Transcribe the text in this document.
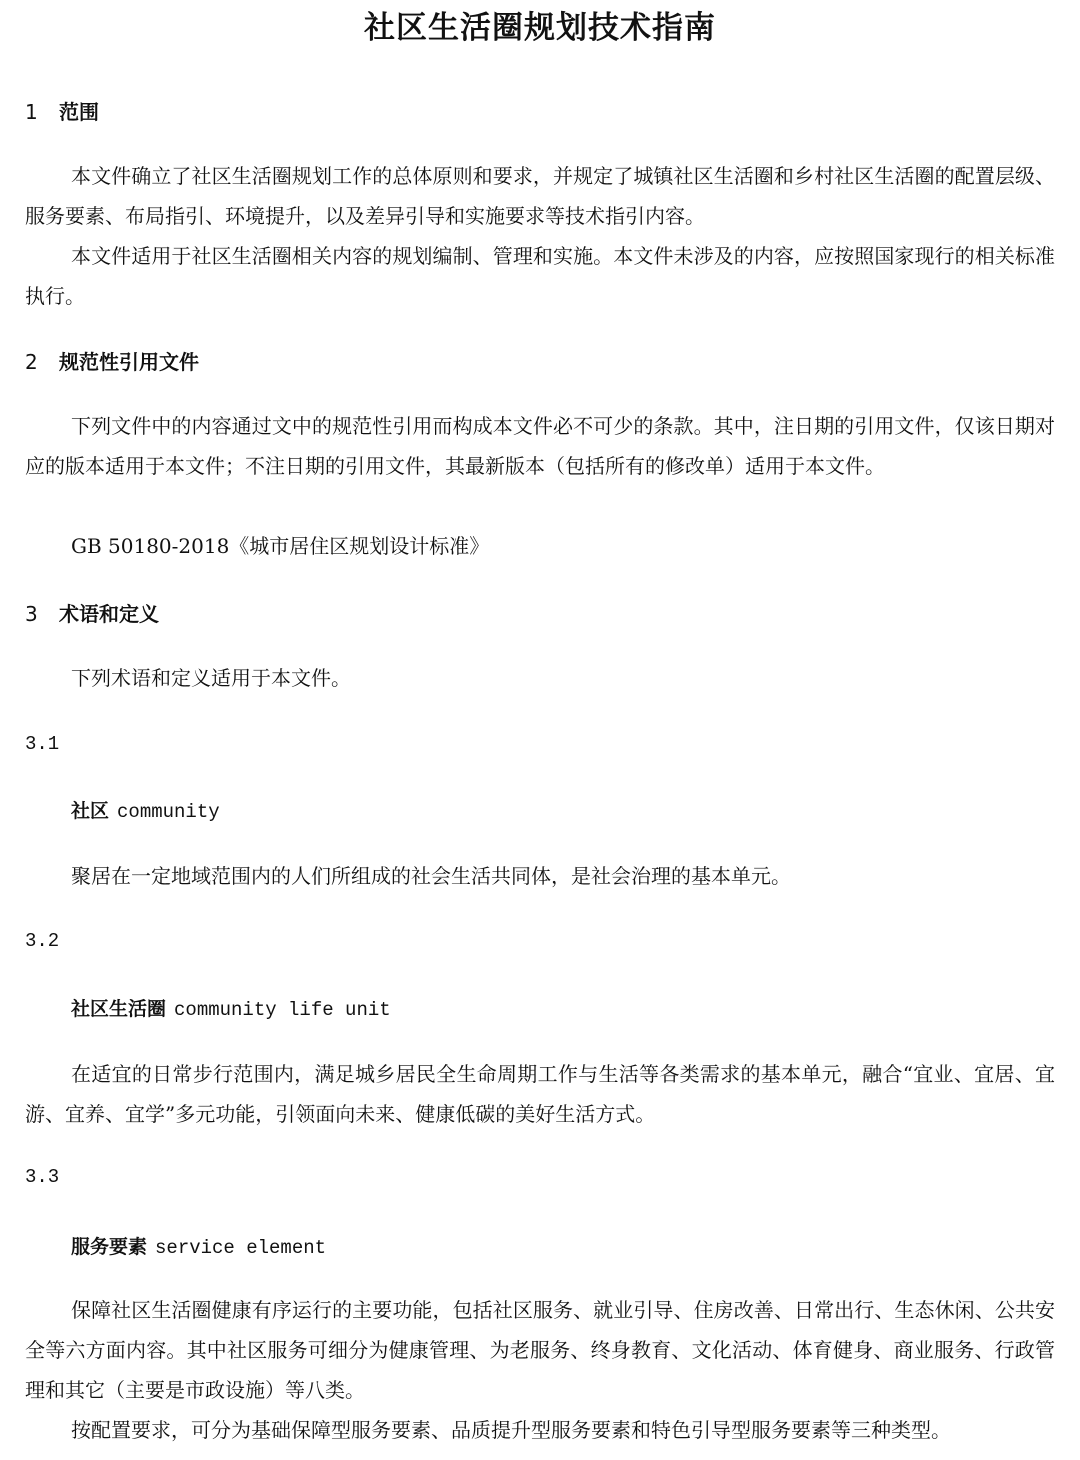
社区生活圈规划技术指南
1 范围

本文件确立了社区生活圈规划工作的总体原则和要求，并规定了城镇社区生活圈和乡村社区生活圈的配置层级、服务要素、布局指引、环境提升，以及差异引导和实施要求等技术指引内容。

本文件适用于社区生活圈相关内容的规划编制、管理和实施。本文件未涉及的内容，应按照国家现行的相关标准执行。

2 规范性引用文件

下列文件中的内容通过文中的规范性引用而构成本文件必不可少的条款。其中，注日期的引用文件，仅该日期对应的版本适用于本文件；不注日期的引用文件，其最新版本（包括所有的修改单）适用于本文件。

GB 50180-2018《城市居住区规划设计标准》

3 术语和定义

下列术语和定义适用于本文件。

3.1
社区 community

聚居在一定地域范围内的人们所组成的社会生活共同体，是社会治理的基本单元。

3.2
社区生活圈 community life unit

在适宜的日常步行范围内，满足城乡居民全生命周期工作与生活等各类需求的基本单元，融合“宜业、宜居、宜游、宜养、宜学”多元功能，引领面向未来、健康低碳的美好生活方式。

3.3
服务要素 service element

保障社区生活圈健康有序运行的主要功能，包括社区服务、就业引导、住房改善、日常出行、生态休闲、公共安全等六方面内容。其中社区服务可细分为健康管理、为老服务、终身教育、文化活动、体育健身、商业服务、行政管理和其它（主要是市政设施）等八类。

按配置要求，可分为基础保障型服务要素、品质提升型服务要素和特色引导型服务要素等三种类型。
